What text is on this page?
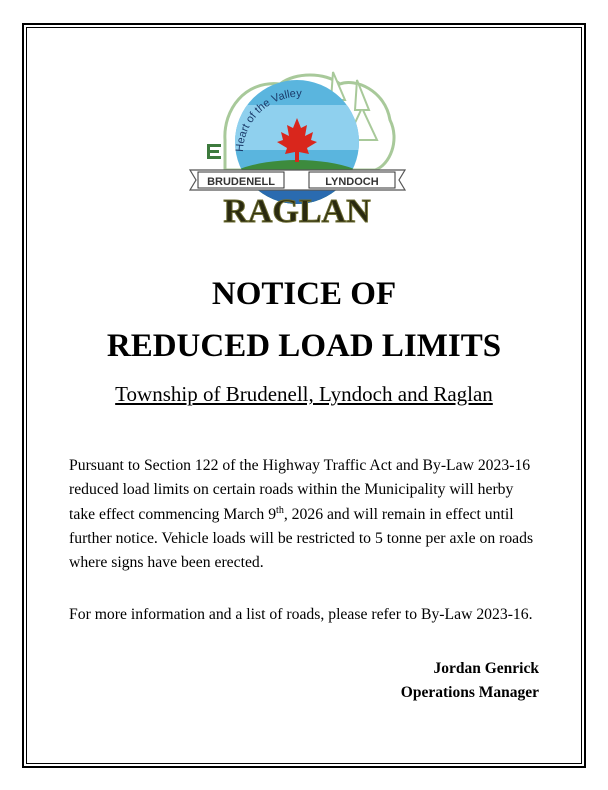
Heart of the Valley
BRUDENELL	LYNDOCH
RAGLAN
NOTICE OF
REDUCED LOAD LIMITS

Township of Brudenell, Lyndoch and Raglan

Pursuant to Section 122 of the Highway Traffic Act and By-Law 2023-16 reduced load limits on certain roads within the Municipality will herby take effect commencing March 9th, 2026 and will remain in effect until further notice. Vehicle loads will be restricted to 5 tonne per axle on roads where signs have been erected.

For more information and a list of roads, please refer to By-Law 2023-16.

Jordan Genrick
Operations Manager
